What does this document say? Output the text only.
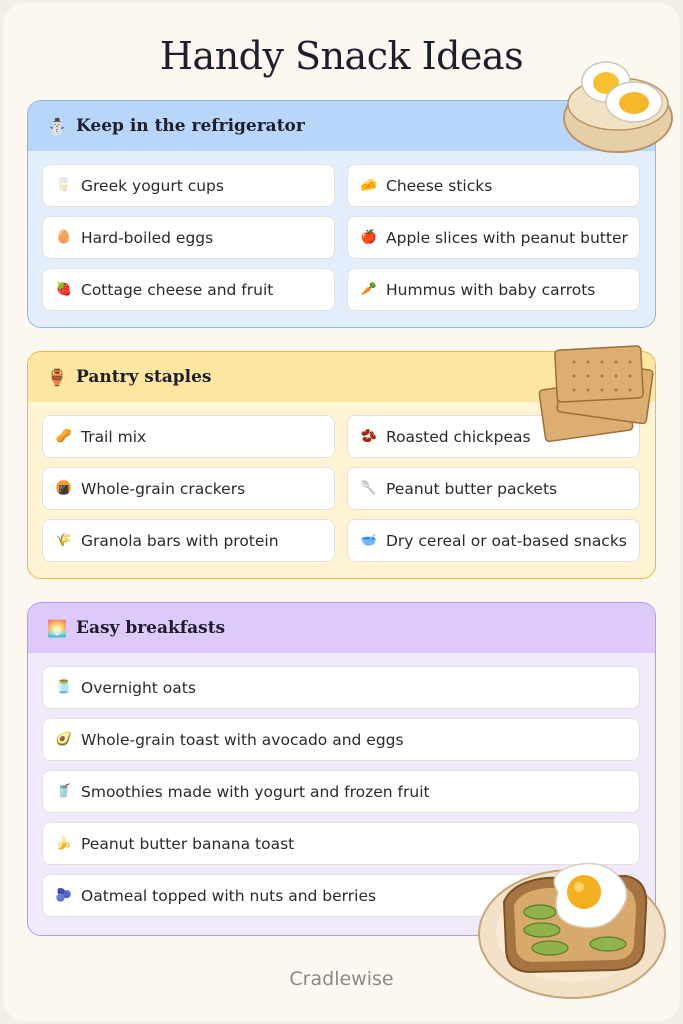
Handy Snack Ideas
⛄ Keep in the refrigerator
🥛 Greek yogurt cups	🧀 Cheese sticks
🥚 Hard-boiled eggs	🍎 Apple slices with peanut butter
🍓 Cottage cheese and fruit	🥕 Hummus with baby carrots
🏺 Pantry staples
🥜 Trail mix	🫘 Roasted chickpeas
🍘 Whole-grain crackers	🥄 Peanut butter packets
🌾 Granola bars with protein	🥣 Dry cereal or oat-based snacks
🌅 Easy breakfasts
🫙 Overnight oats
🥑 Whole-grain toast with avocado and eggs
🥤 Smoothies made with yogurt and frozen fruit
🍌 Peanut butter banana toast
🫐 Oatmeal topped with nuts and berries
Cradlewise
